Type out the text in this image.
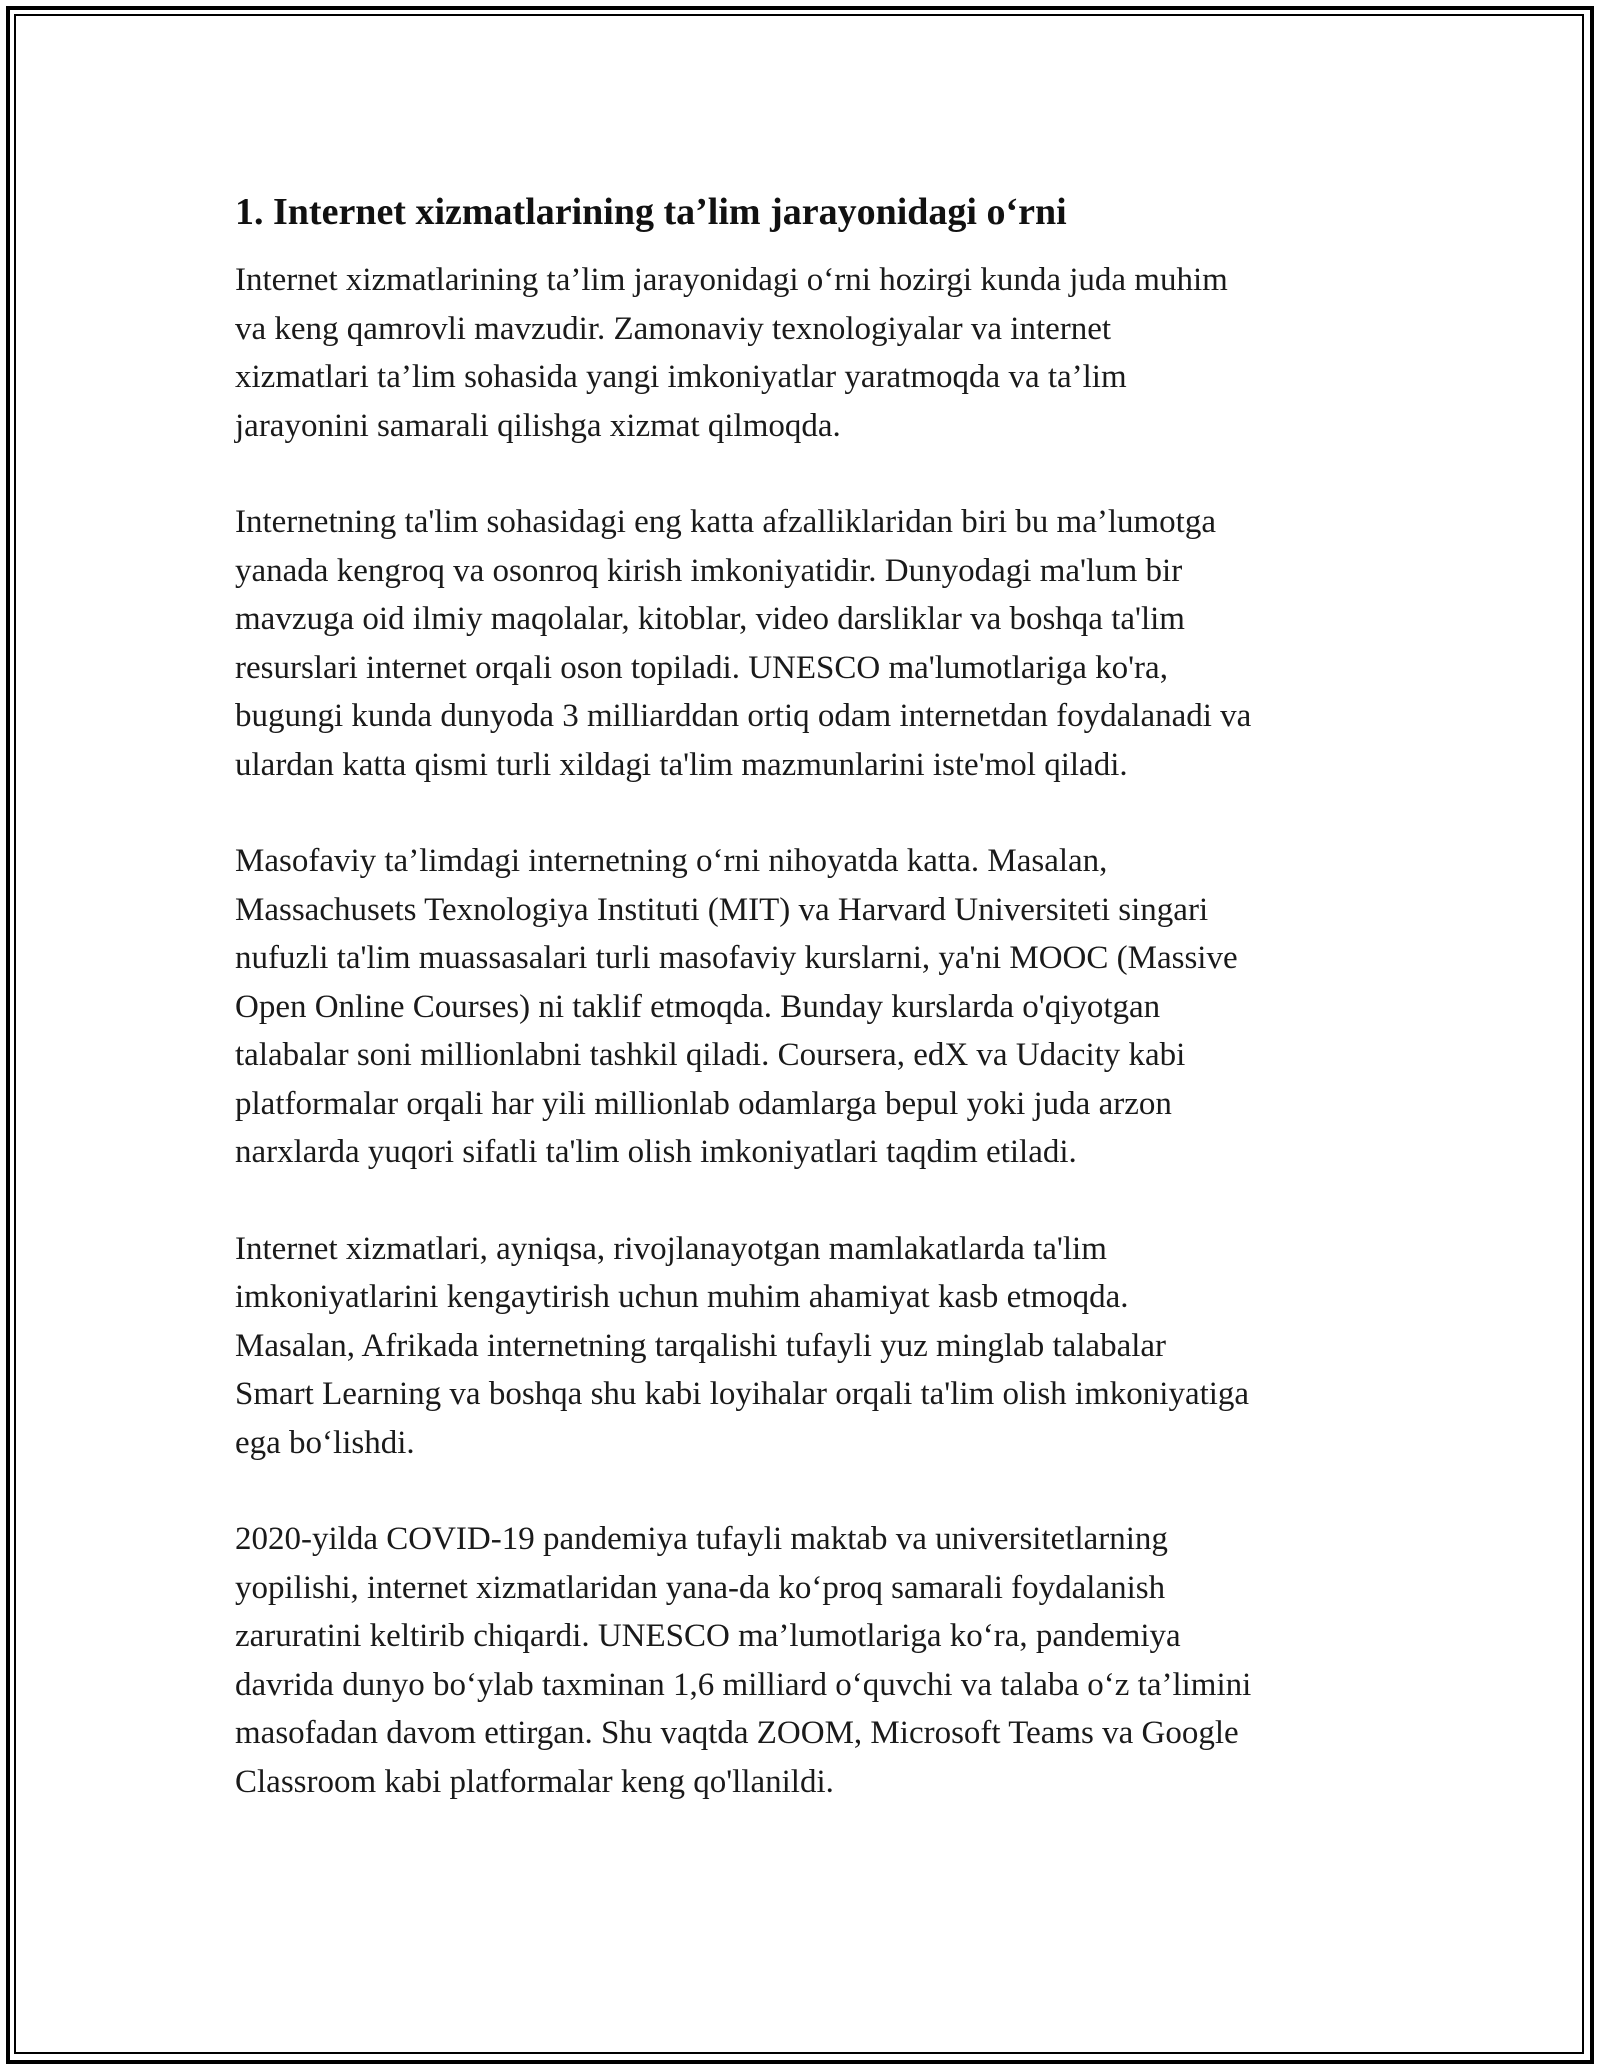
1. Internet xizmatlarining ta’lim jarayonidagi o‘rni

Internet xizmatlarining ta’lim jarayonidagi o‘rni hozirgi kunda juda muhim
va keng qamrovli mavzudir. Zamonaviy texnologiyalar va internet
xizmatlari ta’lim sohasida yangi imkoniyatlar yaratmoqda va ta’lim
jarayonini samarali qilishga xizmat qilmoqda.

Internetning ta'lim sohasidagi eng katta afzalliklaridan biri bu ma’lumotga
yanada kengroq va osonroq kirish imkoniyatidir. Dunyodagi ma'lum bir
mavzuga oid ilmiy maqolalar, kitoblar, video darsliklar va boshqa ta'lim
resurslari internet orqali oson topiladi. UNESCO ma'lumotlariga ko'ra,
bugungi kunda dunyoda 3 milliarddan ortiq odam internetdan foydalanadi va
ulardan katta qismi turli xildagi ta'lim mazmunlarini iste'mol qiladi.

Masofaviy ta’limdagi internetning o‘rni nihoyatda katta. Masalan,
Massachusets Texnologiya Instituti (MIT) va Harvard Universiteti singari
nufuzli ta'lim muassasalari turli masofaviy kurslarni, ya'ni MOOC (Massive
Open Online Courses) ni taklif etmoqda. Bunday kurslarda o'qiyotgan
talabalar soni millionlabni tashkil qiladi. Coursera, edX va Udacity kabi
platformalar orqali har yili millionlab odamlarga bepul yoki juda arzon
narxlarda yuqori sifatli ta'lim olish imkoniyatlari taqdim etiladi.

Internet xizmatlari, ayniqsa, rivojlanayotgan mamlakatlarda ta'lim
imkoniyatlarini kengaytirish uchun muhim ahamiyat kasb etmoqda.
Masalan, Afrikada internetning tarqalishi tufayli yuz minglab talabalar
Smart Learning va boshqa shu kabi loyihalar orqali ta'lim olish imkoniyatiga
ega bo‘lishdi.

2020-yilda COVID-19 pandemiya tufayli maktab va universitetlarning
yopilishi, internet xizmatlaridan yana-da ko‘proq samarali foydalanish
zaruratini keltirib chiqardi. UNESCO ma’lumotlariga ko‘ra, pandemiya
davrida dunyo bo‘ylab taxminan 1,6 milliard o‘quvchi va talaba o‘z ta’limini
masofadan davom ettirgan. Shu vaqtda ZOOM, Microsoft Teams va Google
Classroom kabi platformalar keng qo'llanildi.
